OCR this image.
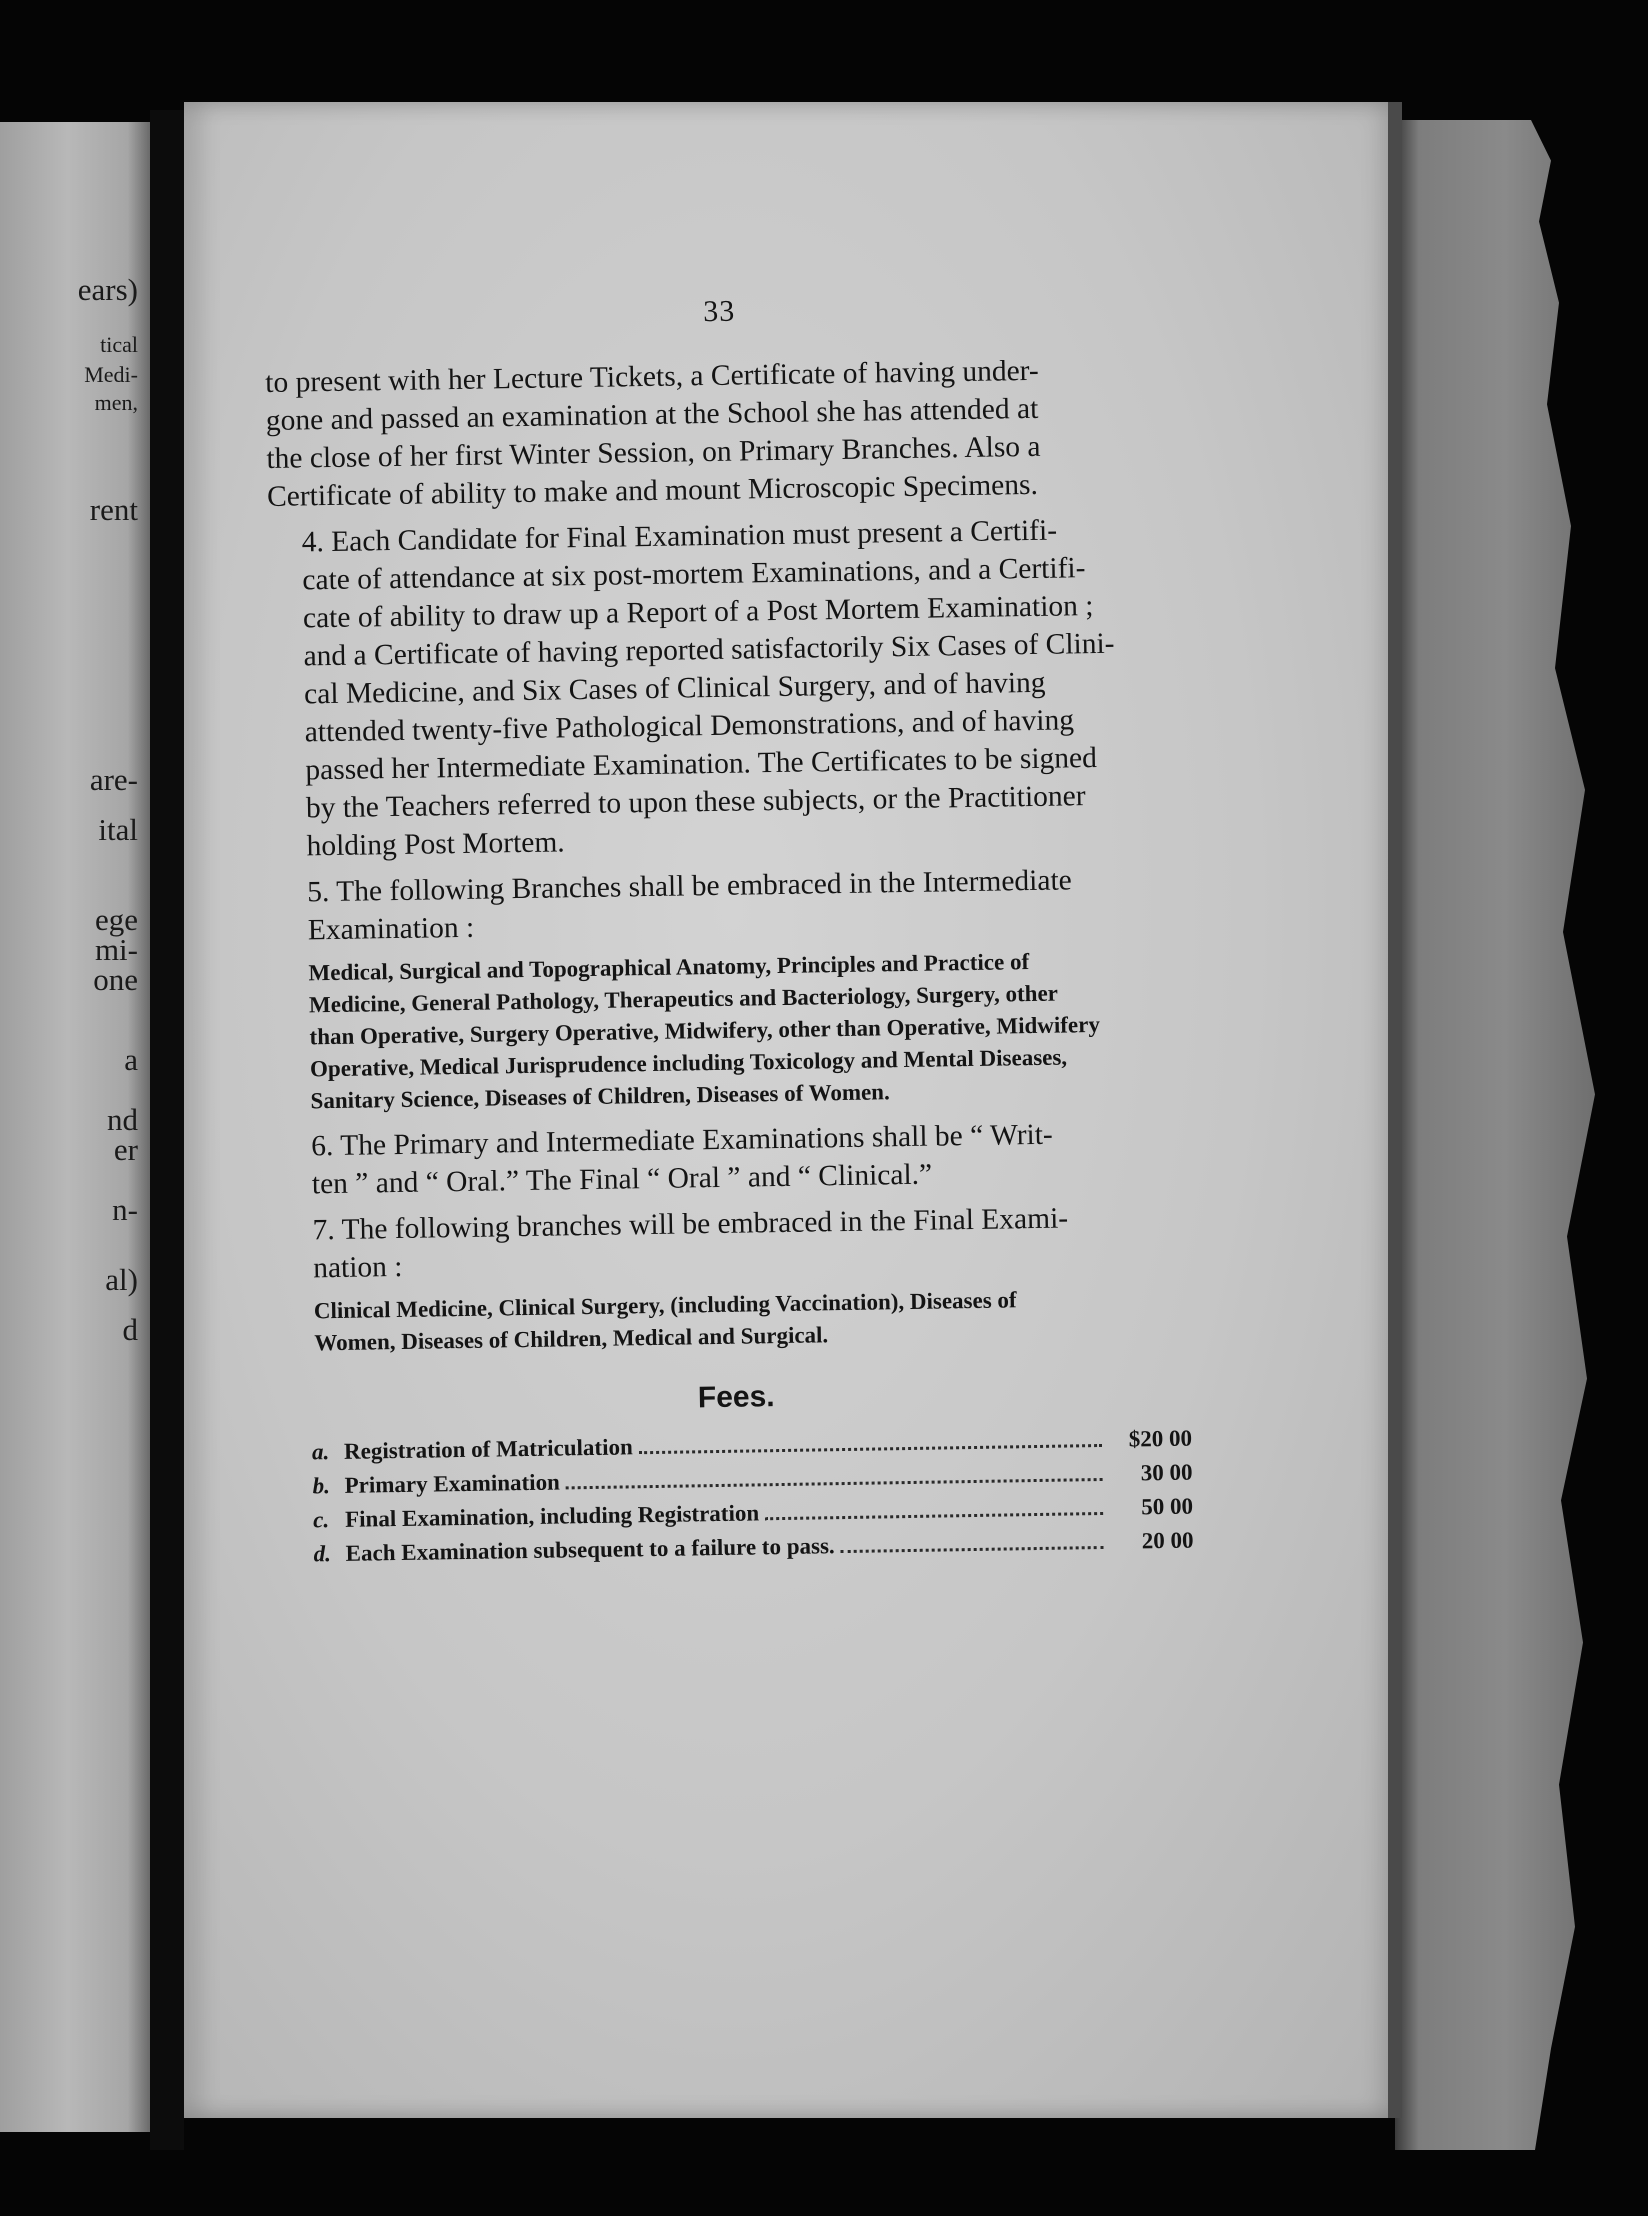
ears)
tical
Medi-
men,
rent
are-
ital
ege
mi-
one
a
nd
er
n-
al)
d
33
to present with her Lecture Tickets, a Certificate of having under-
gone and passed an examination at the School she has attended at
the close of her first Winter Session, on Primary Branches. Also a
Certificate of ability to make and mount Microscopic Specimens.
4. Each Candidate for Final Examination must present a Certifi-
cate of attendance at six post-mortem Examinations, and a Certifi-
cate of ability to draw up a Report of a Post Mortem Examination ;
and a Certificate of having reported satisfactorily Six Cases of Clini-
cal Medicine, and Six Cases of Clinical Surgery, and of having
attended twenty-five Pathological Demonstrations, and of having
passed her Intermediate Examination. The Certificates to be signed
by the Teachers referred to upon these subjects, or the Practitioner
holding Post Mortem.
5. The following Branches shall be embraced in the Intermediate
Examination :
Medical, Surgical and Topographical Anatomy, Principles and Practice of
Medicine, General Pathology, Therapeutics and Bacteriology, Surgery, other
than Operative, Surgery Operative, Midwifery, other than Operative, Midwifery
Operative, Medical Jurisprudence including Toxicology and Mental Diseases,
Sanitary Science, Diseases of Children, Diseases of Women.
6. The Primary and Intermediate Examinations shall be “ Writ-
ten ” and “ Oral.” The Final “ Oral ” and “ Clinical.”
7. The following branches will be embraced in the Final Exami-
nation :
Clinical Medicine, Clinical Surgery, (including Vaccination), Diseases of
Women, Diseases of Children, Medical and Surgical.
Fees.
a. Registration of Matriculation	$20 00
b. Primary Examination	30 00
c. Final Examination, including Registration	50 00
d. Each Examination subsequent to a failure to pass.	20 00
